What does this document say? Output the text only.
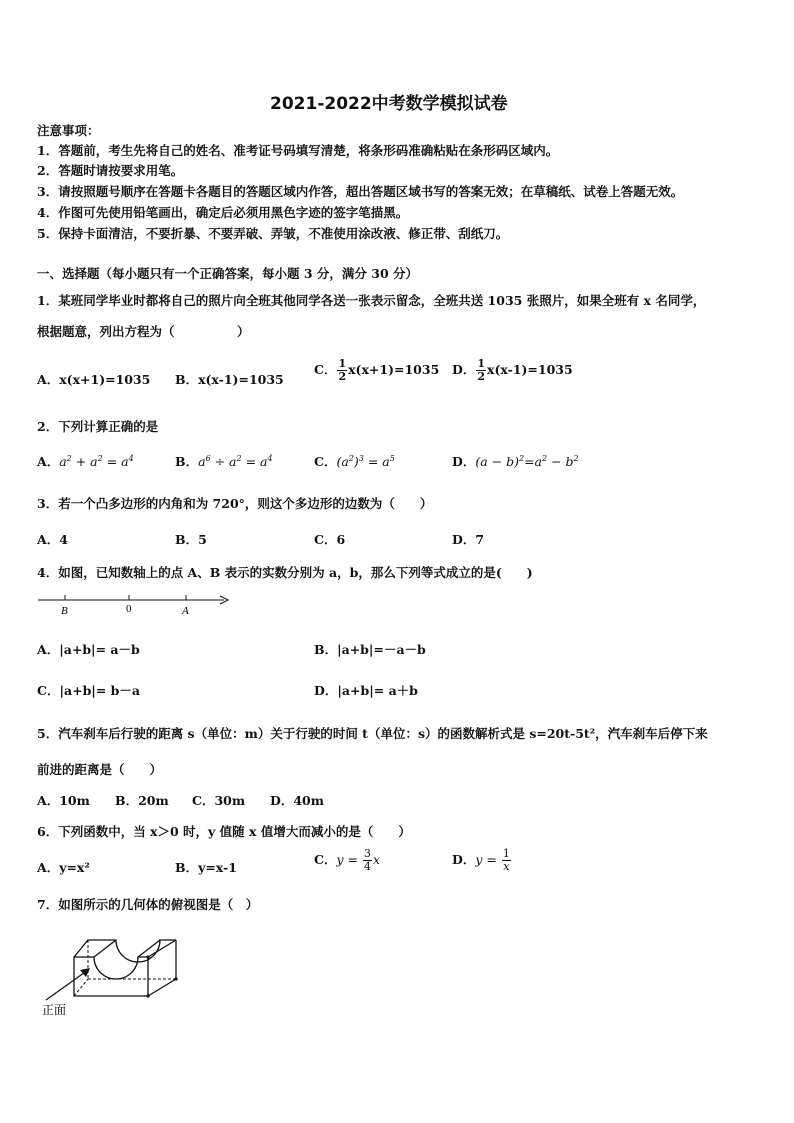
2021-2022中考数学模拟试卷
注意事项：
1．答题前，考生先将自己的姓名、准考证号码填写清楚，将条形码准确粘贴在条形码区域内。
2．答题时请按要求用笔。
3．请按照题号顺序在答题卡各题目的答题区域内作答，超出答题区域书写的答案无效；在草稿纸、试卷上答题无效。
4．作图可先使用铅笔画出，确定后必须用黑色字迹的签字笔描黑。
5．保持卡面清洁，不要折暴、不要弄破、弄皱，不准使用涂改液、修正带、刮纸刀。
一、选择题（每小题只有一个正确答案，每小题 3 分，满分 30 分）
1．某班同学毕业时都将自己的照片向全班其他同学各送一张表示留念，全班共送 1035 张照片，如果全班有 x 名同学，
根据题意，列出方程为（　　　　　）
A．x(x+1)=1035 B．x(x-1)=1035
C． $\frac{1}{2} x(x+1)=1035$ D． $\frac{1}{2} x(x-1)=1035$
2．下列计算正确的是
A．$a^2 + a^2 = a^4$	B．$a^6 \div a^2 = a^4$	C．$(a^2)^3 = a^5$	D．$(a - b)^2=a^2 - b^2$
3．若一个凸多边形的内角和为 720°，则这个多边形的边数为（　　）
A．4	B．5	C．6	D．7
4．如图，已知数轴上的点 A、B 表示的实数分别为 a，b，那么下列等式成立的是(　　)
B	0	A
A．|a+b|= a－b	B．|a+b|=－a－b
C．|a+b|= b－a	D．|a+b|= a＋b
5．汽车刹车后行驶的距离 s（单位：m）关于行驶的时间 t（单位：s）的函数解析式是 s=20t-5t²，汽车刹车后停下来
前进的距离是（　　）
A．10m B．20m C．30m D．40m
6．下列函数中，当 x＞0 时，y 值随 x 值增大而减小的是（　　）
A．y=x²	B．y=x-1
C．$y = \frac{3}{4}$ x	D．$y = \frac{1}{x}$
7．如图所示的几何体的俯视图是（　）
正面
